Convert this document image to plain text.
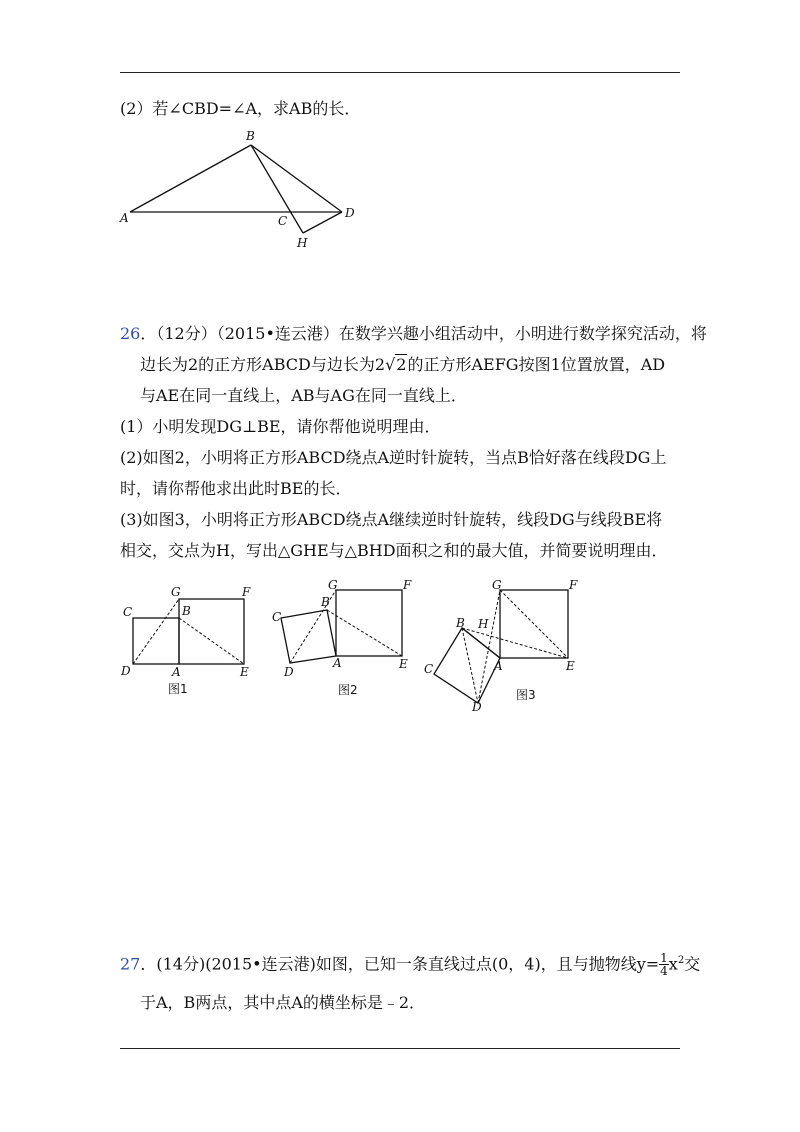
(2）若∠CBD=∠A，求AB的长．
A
B
C
D
H
26．（12分）（2015•连云港）在数学兴趣小组活动中，小明进行数学探究活动，将
边长为2的正方形ABCD与边长为2√2的正方形AEFG按图1位置放置，AD
与AE在同一直线上，AB与AG在同一直线上．
(1）小明发现DG⊥BE，请你帮他说明理由．
(2)如图2，小明将正方形ABCD绕点A逆时针旋转，当点B恰好落在线段DG上
时，请你帮他求出此时BE的长．
(3)如图3，小明将正方形ABCD绕点A继续逆时针旋转，线段DG与线段BE将
相交，交点为H，写出△GHE与△BHD面积之和的最大值，并简要说明理由．
C
G	F
B
D	A	E
图1
G	F
C
B
D
A	E
图2
G	F
B H
C	A	E
D
图3
27．(14分)(2015•连云港)如图，已知一条直线过点(0，4)，且与抛物线$y= \frac{1}{4} x^2$交
于A，B两点，其中点A的横坐标是﹣2．
